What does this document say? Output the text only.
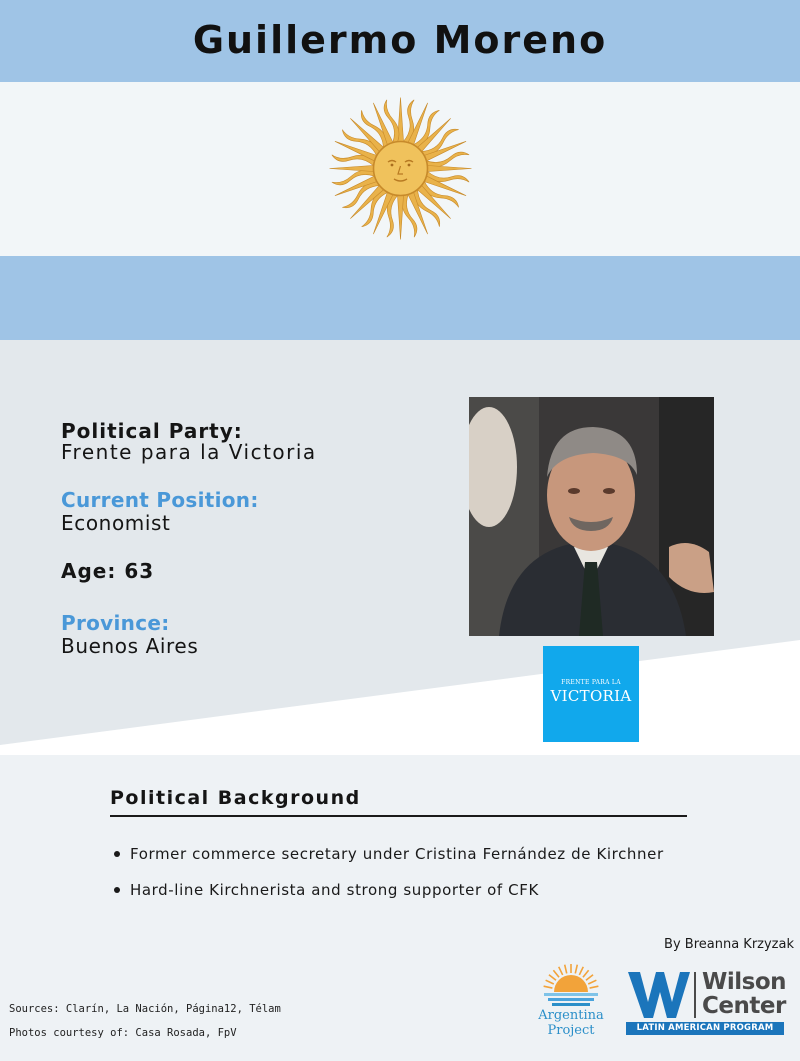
Guillermo Moreno
Political Party:
Frente para la Victoria
Current Position:
Economist
Age: 63
Province:
Buenos Aires
FRENTE PARA LA
VICTORIA
Political Background
Former commerce secretary under Cristina Fernández de Kirchner
Hard-line Kirchnerista and strong supporter of CFK
By Breanna Krzyzak
Sources: Clarín, La Nación, Página12, Télam
Photos courtesy of: Casa Rosada, FpV
Argentina
Project
Wilson
Center
LATIN AMERICAN PROGRAM
